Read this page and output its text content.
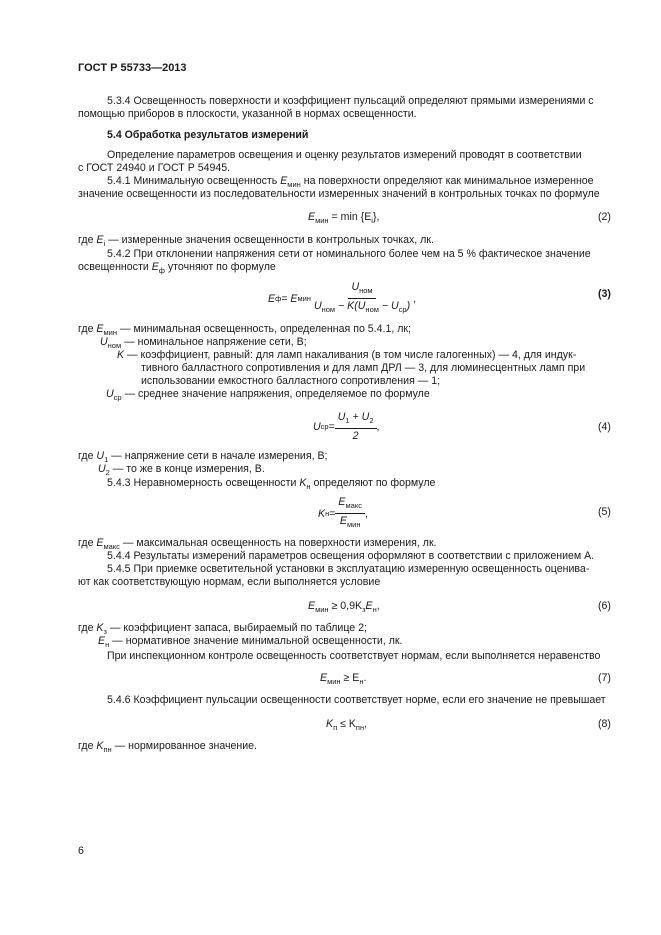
ГОСТ Р 55733—2013
5.3.4 Освещенность поверхности и коэффициент пульсаций определяют прямыми измерениями с
помощью приборов в плоскости, указанной в нормах освещенности.
5.4 Обработка результатов измерений
Определение параметров освещения и оценку результатов измерений проводят в соответствии
с ГОСТ 24940 и ГОСТ Р 54945.
5.4.1 Минимальную освещенность $E_{мин}$ на поверхности определяют как минимальное измеренное
значение освещенности из последовательности измеренных значений в контрольных точках по формуле
$E_{мин} = \min \{E_i\}$,	(2)
где $E_i$ — измеренные значения освещенности в контрольных точках, лк.
5.4.2 При отклонении напряжения сети от номинального более чем на 5 % фактическое значение
освещенности $E_ф$ уточняют по формуле
E ф = E мин $\frac{U_{ном}}{U_{ном} - K(U_{ном} - U_{ср})}$ ,	(3)
где $E_{мин}$ — минимальная освещенность, определенная по 5.4.1, лк;
$U_{ном}$ — номинальное напряжение сети, В;
K — коэффициент, равный: для ламп накаливания (в том числе галогенных) — 4, для индук-
тивного балластного сопротивления и для ламп ДРЛ — 3, для люминесцентных ламп при
использовании емкостного балластного сопротивления — 1;
$U_{ср}$ — среднее значение напряжения, определяемое по формуле
U ср = $\frac{U_1 + U_2}{2}$ ,	(4)
где $U_1$ — напряжение сети в начале измерения, В;
$U_2$ — то же в конце измерения, В.
5.4.3 Неравномерность освещенности $K_н$ определяют по формуле
K $н = \frac{E_{макс}}{E_{мин}}$ ,	(5)
где $E_{макс}$ — максимальная освещенность на поверхности измерения, лк.
5.4.4 Результаты измерений параметров освещения оформляют в соответствии с приложением А.
5.4.5 При приемке осветительной установки в эксплуатацию измеренную освещенность оценива-
ют как соответствующую нормам, если выполняется условие
$E_{мин} \ge 0,9K_зE_н$,	(6)
где $K_з$ — коэффициент запаса, выбираемый по таблице 2;
$E_н$ — нормативное значение минимальной освещенности, лк.
При инспекционном контроле освещенность соответствует нормам, если выполняется неравенство
$E_{мин} \ge E_н$.	(7)
5.4.6 Коэффициент пульсации освещенности соответствует норме, если его значение не превышает
$K_п \le K_{пн}$,	(8)
где $K_{пн}$ — нормированное значение.
6
